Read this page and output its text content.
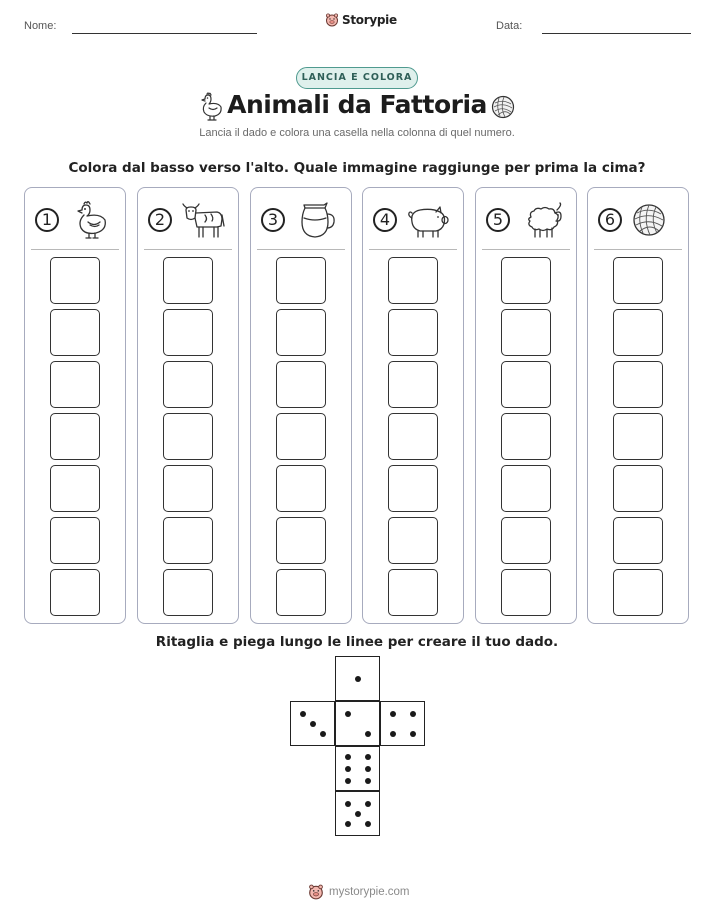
Nome:	Storypie	Data:
LANCIA E COLORA
Animali da Fattoria
Lancia il dado e colora una casella nella colonna di quel numero.
Colora dal basso verso l'alto. Quale immagine raggiunge per prima la cima?
1	2	3	4	5	6
Ritaglia e piega lungo le linee per creare il tuo dado.
mystorypie.com
